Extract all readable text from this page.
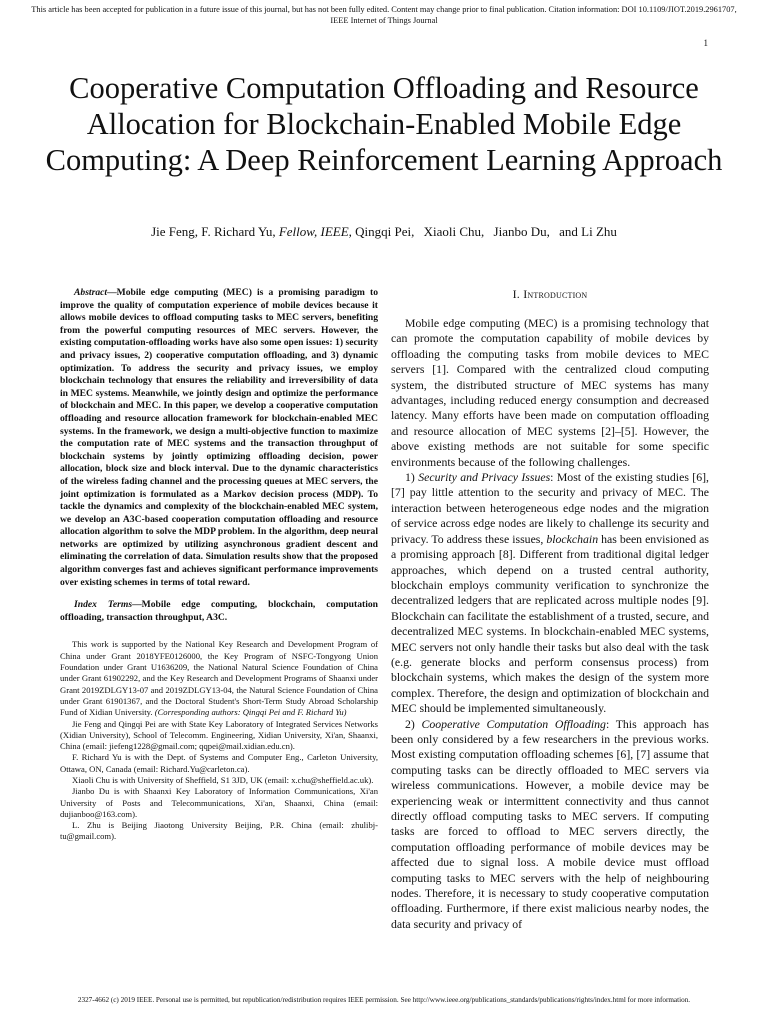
This article has been accepted for publication in a future issue of this journal, but has not been fully edited. Content may change prior to final publication. Citation information: DOI 10.1109/JIOT.2019.2961707, IEEE Internet of Things Journal
1
Cooperative Computation Offloading and Resource Allocation for Blockchain-Enabled Mobile Edge Computing: A Deep Reinforcement Learning Approach
Jie Feng, F. Richard Yu, Fellow, IEEE, Qingqi Pei, Xiaoli Chu, Jianbo Du, and Li Zhu

Abstract—Mobile edge computing (MEC) is a promising paradigm to improve the quality of computation experience of mobile devices because it allows mobile devices to offload computing tasks to MEC servers, benefiting from the powerful computing resources of MEC servers. However, the existing computation-offloading works have also some open issues: 1) security and privacy issues, 2) cooperative computation offloading, and 3) dynamic optimization. To address the security and privacy issues, we employ blockchain technology that ensures the reliability and irreversibility of data in MEC systems. Meanwhile, we jointly design and optimize the performance of blockchain and MEC. In this paper, we develop a cooperative computation offloading and resource allocation framework for blockchain-enabled MEC systems. In the framework, we design a multi-objective function to maximize the computation rate of MEC systems and the transaction throughput of blockchain systems by jointly optimizing offloading decision, power allocation, block size and block interval. Due to the dynamic characteristics of the wireless fading channel and the processing queues at MEC servers, the joint optimization is formulated as a Markov decision process (MDP). To tackle the dynamics and complexity of the blockchain-enabled MEC system, we develop an A3C-based cooperation computation offloading and resource allocation algorithm to solve the MDP problem. In the algorithm, deep neural networks are optimized by utilizing asynchronous gradient descent and eliminating the correlation of data. Simulation results show that the proposed algorithm converges fast and achieves significant performance improvements over existing schemes in terms of total reward.

Index Terms—Mobile edge computing, blockchain, computation offloading, transaction throughput, A3C.

This work is supported by the National Key Research and Development Program of China under Grant 2018YFE0126000, the Key Program of NSFC-Tongyong Union Foundation under Grant U1636209, the National Natural Science Foundation of China under Grant 61902292, and the Key Research and Development Programs of Shaanxi under Grant 2019ZDLGY13-07 and 2019ZDLGY13-04, the Natural Science Foundation of China under Grant 61901367, and the Doctoral Student's Short-Term Study Abroad Scholarship Fund of Xidian University. (Corresponding authors: Qingqi Pei and F. Richard Yu)

Jie Feng and Qingqi Pei are with State Key Laboratory of Integrated Services Networks (Xidian University), School of Telecomm. Engineering, Xidian University, Xi'an, Shaanxi, China (email: jiefeng1228@gmail.com; qqpei@mail.xidian.edu.cn).

F. Richard Yu is with the Dept. of Systems and Computer Eng., Carleton University, Ottawa, ON, Canada (email: Richard.Yu@carleton.ca).

Xiaoli Chu is with University of Sheffield, S1 3JD, UK (email: x.chu@sheffield.ac.uk).

Jianbo Du is with Shaanxi Key Laboratory of Information Communications, Xi'an University of Posts and Telecommunications, Xi'an, Shaanxi, China (email: dujianboo@163.com).

L. Zhu is Beijing Jiaotong University Beijing, P.R. China (email: zhulibj-tu@gmail.com).

I. Introduction

Mobile edge computing (MEC) is a promising technology that can promote the computation capability of mobile devices by offloading the computing tasks from mobile devices to MEC servers [1]. Compared with the centralized cloud computing system, the distributed structure of MEC systems has many advantages, including reduced energy consumption and decreased latency. Many efforts have been made on computation offloading and resource allocation of MEC systems [2]–[5]. However, the above existing methods are not suitable for some specific environments because of the following challenges.

1) Security and Privacy Issues: Most of the existing studies [6], [7] pay little attention to the security and privacy of MEC. The interaction between heterogeneous edge nodes and the migration of service across edge nodes are likely to challenge its security and privacy. To address these issues, blockchain has been envisioned as a promising approach [8]. Different from traditional digital ledger approaches, which depend on a trusted central authority, blockchain employs community verification to synchronize the decentralized ledgers that are replicated across multiple nodes [9]. Blockchain can facilitate the establishment of a trusted, secure, and decentralized MEC systems. In blockchain-enabled MEC systems, MEC servers not only handle their tasks but also deal with the task (e.g. generate blocks and perform consensus process) from blockchain systems, which makes the design of the system more complex. Therefore, the design and optimization of blockchain and MEC should be implemented simultaneously.

2) Cooperative Computation Offloading: This approach has been only considered by a few researchers in the previous works. Most existing computation offloading schemes [6], [7] assume that computing tasks can be directly offloaded to MEC servers via wireless communications. However, a mobile device may be experiencing weak or intermittent connectivity and thus cannot directly offload computing tasks to MEC servers. If computing tasks are forced to offload to MEC servers directly, the computation offloading performance of mobile devices may be affected due to signal loss. A mobile device must offload computing tasks to MEC servers with the help of neighbouring nodes. Therefore, it is necessary to study cooperative computation offloading. Furthermore, if there exist malicious nearby nodes, the data security and privacy of

2327-4662 (c) 2019 IEEE. Personal use is permitted, but republication/redistribution requires IEEE permission. See http://www.ieee.org/publications_standards/publications/rights/index.html for more information.
